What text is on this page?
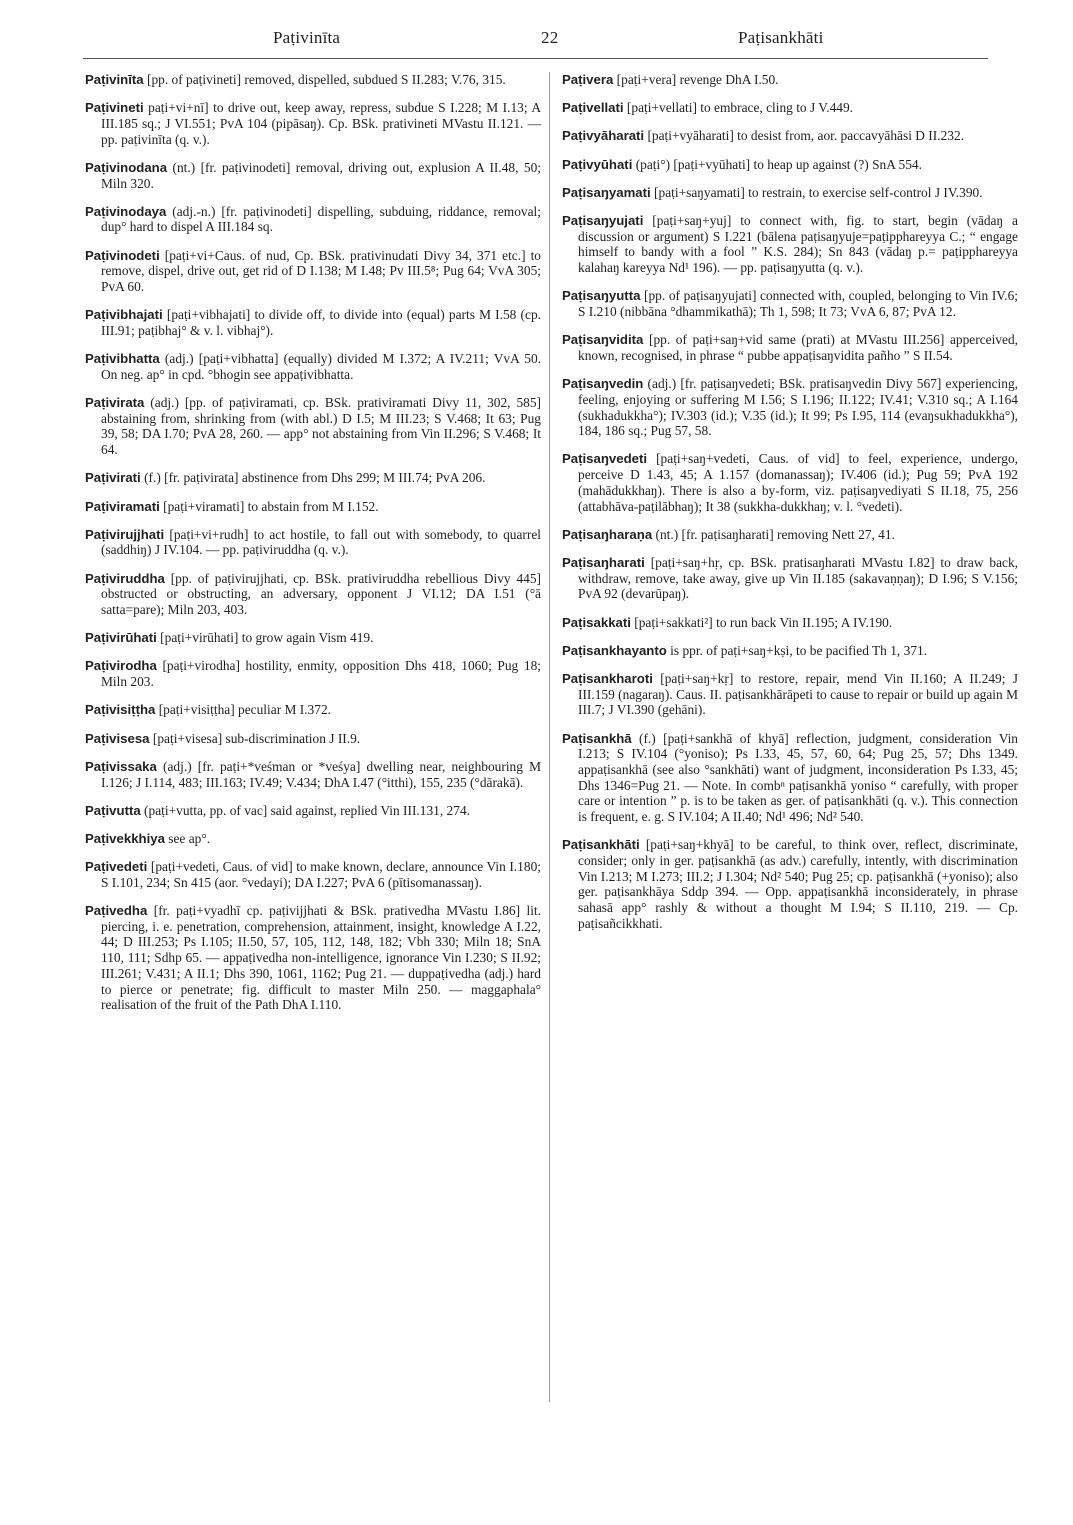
Paṭivinīta	22	Paṭisankhāti

Paṭivinīta [pp. of paṭivineti] removed, dispelled, subdued S II.283; V.76, 315.

Paṭivineti paṭi+vi+nī] to drive out, keep away, repress, subdue S I.228; M I.13; A III.185 sq.; J VI.551; PvA 104 (pipāsaŋ). Cp. BSk. prativineti MVastu II.121. — pp. paṭivinīta (q. v.).

Paṭivinodana (nt.) [fr. paṭivinodeti] removal, driving out, explusion A II.48, 50; Miln 320.

Paṭivinodaya (adj.-n.) [fr. paṭivinodeti] dispelling, subduing, riddance, removal; dup° hard to dispel A III.184 sq.

Paṭivinodeti [paṭi+vi+Caus. of nud, Cp. BSk. prativinudati Divy 34, 371 etc.] to remove, dispel, drive out, get rid of D I.138; M I.48; Pv III.5⁸; Pug 64; VvA 305; PvA 60.

Paṭivibhajati [paṭi+vibhajati] to divide off, to divide into (equal) parts M I.58 (cp. III.91; paṭibhaj° & v. l. vibhaj°).

Paṭivibhatta (adj.) [paṭi+vibhatta] (equally) divided M I.372; A IV.211; VvA 50. On neg. ap° in cpd. °bhogin see appaṭivibhatta.

Paṭivirata (adj.) [pp. of paṭiviramati, cp. BSk. prativiramati Divy 11, 302, 585] abstaining from, shrinking from (with abl.) D I.5; M III.23; S V.468; It 63; Pug 39, 58; DA I.70; PvA 28, 260. — app° not abstaining from Vin II.296; S V.468; It 64.

Paṭivirati (f.) [fr. paṭivirata] abstinence from Dhs 299; M III.74; PvA 206.

Paṭiviramati [paṭi+viramati] to abstain from M I.152.

Paṭivirujjhati [paṭi+vi+rudh] to act hostile, to fall out with somebody, to quarrel (saddhiŋ) J IV.104. — pp. paṭiviruddha (q. v.).

Paṭiviruddha [pp. of paṭivirujjhati, cp. BSk. prativiruddha rebellious Divy 445] obstructed or obstructing, an adversary, opponent J VI.12; DA I.51 (°ā satta=pare); Miln 203, 403.

Paṭivirūhati [paṭi+virūhati] to grow again Vism 419.

Paṭivirodha [paṭi+virodha] hostility, enmity, opposition Dhs 418, 1060; Pug 18; Miln 203.

Paṭivisiṭṭha [paṭi+visiṭṭha] peculiar M I.372.

Paṭivisesa [paṭi+visesa] sub-discrimination J II.9.

Paṭivissaka (adj.) [fr. paṭi+*veśman or *veśya] dwelling near, neighbouring M I.126; J I.114, 483; III.163; IV.49; V.434; DhA I.47 (°itthi), 155, 235 (°dārakā).

Paṭivutta (paṭi+vutta, pp. of vac] said against, replied Vin III.131, 274.

Paṭivekkhiya see ap°.

Paṭivedeti [paṭi+vedeti, Caus. of vid] to make known, declare, announce Vin I.180; S I.101, 234; Sn 415 (aor. °vedayi); DA I.227; PvA 6 (pītisomanassaŋ).

Paṭivedha [fr. paṭi+vyadhī cp. paṭivijjhati & BSk. prativedha MVastu I.86] lit. piercing, i. e. penetration, comprehension, attainment, insight, knowledge A I.22, 44; D III.253; Ps I.105; II.50, 57, 105, 112, 148, 182; Vbh 330; Miln 18; SnA 110, 111; Sdhp 65. — appaṭivedha non-intelligence, ignorance Vin I.230; S II.92; III.261; V.431; A II.1; Dhs 390, 1061, 1162; Pug 21. — duppaṭivedha (adj.) hard to pierce or penetrate; fig. difficult to master Miln 250. — maggaphala° realisation of the fruit of the Path DhA I.110.

Paṭivera [paṭi+vera] revenge DhA I.50.

Paṭivellati [paṭi+vellati] to embrace, cling to J V.449.

Paṭivyāharati [paṭi+vyāharati] to desist from, aor. paccavyāhāsi D II.232.

Paṭivyūhati (paṭi°) [paṭi+vyūhati] to heap up against (?) SnA 554.

Paṭisaŋyamati [paṭi+saŋyamati] to restrain, to exercise self-control J IV.390.

Paṭisaŋyujati [paṭi+saŋ+yuj] to connect with, fig. to start, begin (vādaŋ a discussion or argument) S I.221 (bālena paṭisaŋyuje=paṭipphareyya C.; “ engage himself to bandy with a fool ” K.S. 284); Sn 843 (vādaŋ p.= paṭipphareyya kalahaŋ kareyya Nd¹ 196). — pp. paṭisaŋyutta (q. v.).

Paṭisaŋyutta [pp. of paṭisaŋyujati] connected with, coupled, belonging to Vin IV.6; S I.210 (nibbāna °dhammikathā); Th 1, 598; It 73; VvA 6, 87; PvA 12.

Paṭisaŋvidita [pp. of paṭi+saŋ+vid same (prati) at MVastu III.256] apperceived, known, recognised, in phrase “ pubbe appaṭisaŋvidita pañho ” S II.54.

Paṭisaŋvedin (adj.) [fr. paṭisaŋvedeti; BSk. pratisaŋvedin Divy 567] experiencing, feeling, enjoying or suffering M I.56; S I.196; II.122; IV.41; V.310 sq.; A I.164 (sukhadukkha°); IV.303 (id.); V.35 (id.); It 99; Ps I.95, 114 (evaŋsukhadukkha°), 184, 186 sq.; Pug 57, 58.

Paṭisaŋvedeti [paṭi+saŋ+vedeti, Caus. of vid] to feel, experience, undergo, perceive D 1.43, 45; A 1.157 (domanassaŋ); IV.406 (id.); Pug 59; PvA 192 (mahādukkhaŋ). There is also a by-form, viz. paṭisaŋvediyati S II.18, 75, 256 (attabhāva-paṭilābhaŋ); It 38 (sukkha-dukkhaŋ; v. l. °vedeti).

Paṭisaŋharaṇa (nt.) [fr. paṭisaŋharati] removing Nett 27, 41.

Paṭisaŋharati [paṭi+saŋ+hṛ, cp. BSk. pratisaŋharati MVastu I.82] to draw back, withdraw, remove, take away, give up Vin II.185 (sakavaṇṇaŋ); D I.96; S V.156; PvA 92 (devarūpaŋ).

Paṭisakkati [paṭi+sakkati²] to run back Vin II.195; A IV.190.

Paṭisankhayanto is ppr. of paṭi+saŋ+kṣi, to be pacified Th 1, 371.

Paṭisankharoti [paṭi+saŋ+kṛ] to restore, repair, mend Vin II.160; A II.249; J III.159 (nagaraŋ). Caus. II. paṭisankhārāpeti to cause to repair or build up again M III.7; J VI.390 (gehāni).

Paṭisankhā (f.) [paṭi+sankhā of khyā] reflection, judgment, consideration Vin I.213; S IV.104 (°yoniso); Ps I.33, 45, 57, 60, 64; Pug 25, 57; Dhs 1349. appaṭisankhā (see also °sankhāti) want of judgment, inconsideration Ps I.33, 45; Dhs 1346=Pug 21. — Note. In combⁿ paṭisankhā yoniso “ carefully, with proper care or intention ” p. is to be taken as ger. of paṭisankhāti (q. v.). This connection is frequent, e. g. S IV.104; A II.40; Nd¹ 496; Nd² 540.

Paṭisankhāti [paṭi+saŋ+khyā] to be careful, to think over, reflect, discriminate, consider; only in ger. paṭisankhā (as adv.) carefully, intently, with discrimination Vin I.213; M I.273; III.2; J I.304; Nd² 540; Pug 25; cp. paṭisankhā (+yoniso); also ger. paṭisankhāya Sddp 394. — Opp. appaṭisankhā inconsiderately, in phrase sahasā app° rashly & without a thought M I.94; S II.110, 219. — Cp. paṭisañcikkhati.
